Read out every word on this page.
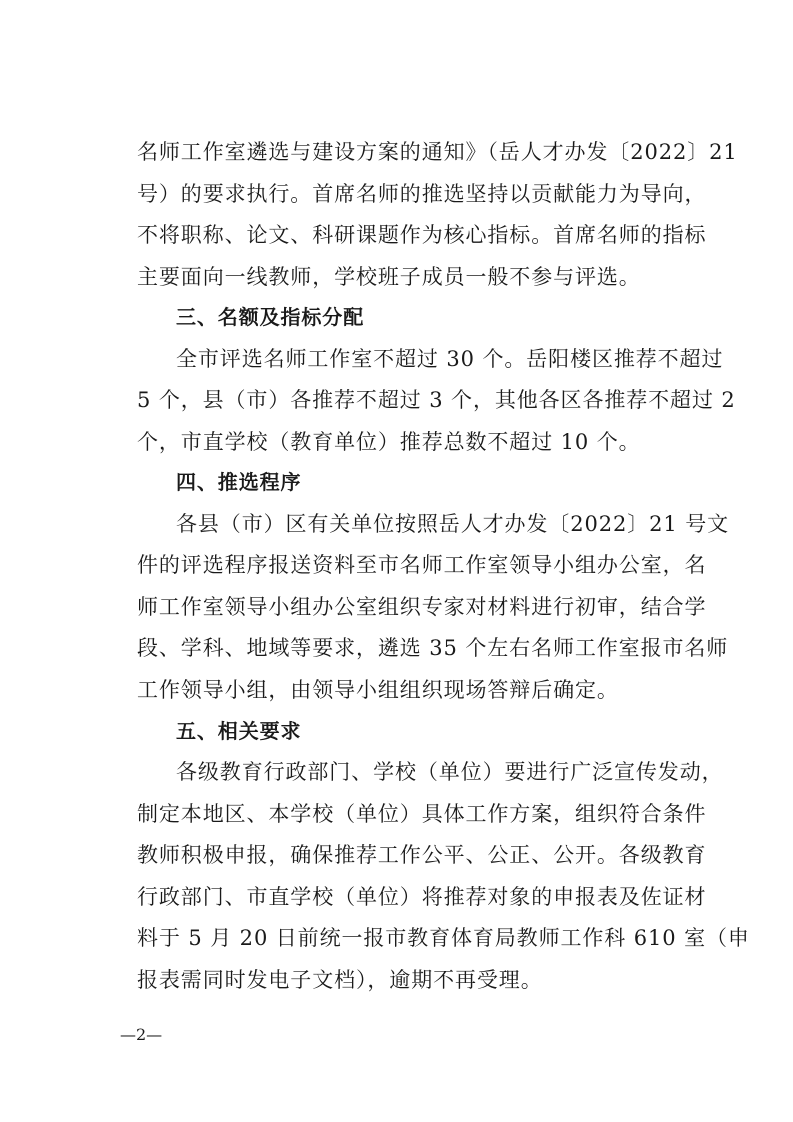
名师工作室遴选与建设方案的通知》（岳人才办发〔2022〕21
号）的要求执行。首席名师的推选坚持以贡献能力为导向，
不将职称、论文、科研课题作为核心指标。首席名师的指标
主要面向一线教师，学校班子成员一般不参与评选。
三、名额及指标分配
全市评选名师工作室不超过 30 个。岳阳楼区推荐不超过
5 个，县（市）各推荐不超过 3 个，其他各区各推荐不超过 2
个，市直学校（教育单位）推荐总数不超过 10 个。
四、推选程序
各县（市）区有关单位按照岳人才办发〔2022〕21 号文
件的评选程序报送资料至市名师工作室领导小组办公室，名
师工作室领导小组办公室组织专家对材料进行初审，结合学
段、学科、地域等要求，遴选 35 个左右名师工作室报市名师
工作领导小组，由领导小组组织现场答辩后确定。
五、相关要求
各级教育行政部门、学校（单位）要进行广泛宣传发动，
制定本地区、本学校（单位）具体工作方案，组织符合条件
教师积极申报，确保推荐工作公平、公正、公开。各级教育
行政部门、市直学校（单位）将推荐对象的申报表及佐证材
料于 5 月 20 日前统一报市教育体育局教师工作科 610 室（申
报表需同时发电子文档），逾期不再受理。
—2—
